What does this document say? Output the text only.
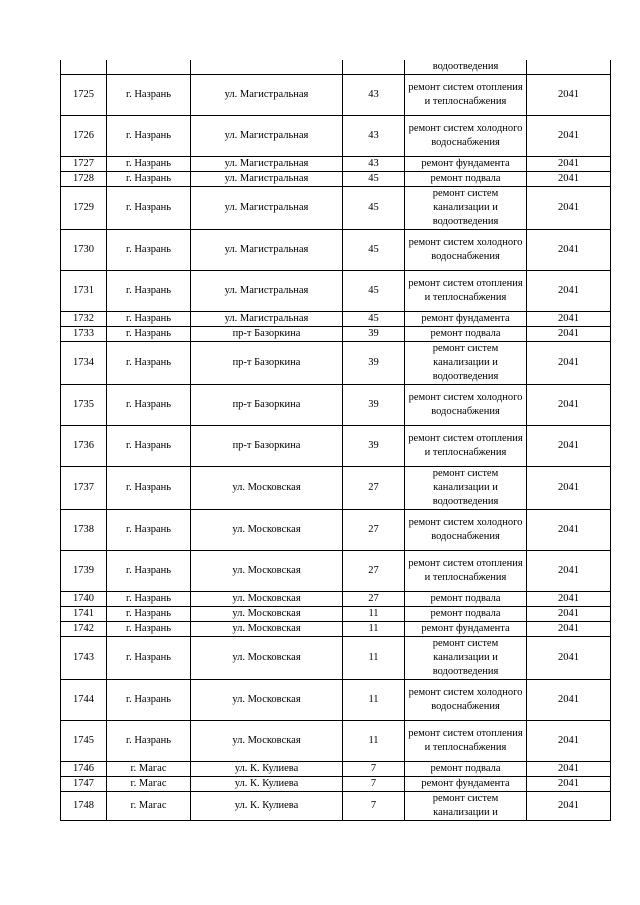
				водоотведения	
1725	г. Назрань	ул. Магистральная	43	ремонт систем отопления и теплоснабжения	2041
1726	г. Назрань	ул. Магистральная	43	ремонт систем холодного водоснабжения	2041
1727	г. Назрань	ул. Магистральная	43	ремонт фундамента	2041
1728	г. Назрань	ул. Магистральная	45	ремонт подвала	2041
1729	г. Назрань	ул. Магистральная	45	ремонт систем канализации и водоотведения	2041
1730	г. Назрань	ул. Магистральная	45	ремонт систем холодного водоснабжения	2041
1731	г. Назрань	ул. Магистральная	45	ремонт систем отопления и теплоснабжения	2041
1732	г. Назрань	ул. Магистральная	45	ремонт фундамента	2041
1733	г. Назрань	пр-т Базоркина	39	ремонт подвала	2041
1734	г. Назрань	пр-т Базоркина	39	ремонт систем канализации и водоотведения	2041
1735	г. Назрань	пр-т Базоркина	39	ремонт систем холодного водоснабжения	2041
1736	г. Назрань	пр-т Базоркина	39	ремонт систем отопления и теплоснабжения	2041
1737	г. Назрань	ул. Московская	27	ремонт систем канализации и водоотведения	2041
1738	г. Назрань	ул. Московская	27	ремонт систем холодного водоснабжения	2041
1739	г. Назрань	ул. Московская	27	ремонт систем отопления и теплоснабжения	2041
1740	г. Назрань	ул. Московская	27	ремонт подвала	2041
1741	г. Назрань	ул. Московская	11	ремонт подвала	2041
1742	г. Назрань	ул. Московская	11	ремонт фундамента	2041
1743	г. Назрань	ул. Московская	11	ремонт систем канализации и водоотведения	2041
1744	г. Назрань	ул. Московская	11	ремонт систем холодного водоснабжения	2041
1745	г. Назрань	ул. Московская	11	ремонт систем отопления и теплоснабжения	2041
1746	г. Магас	ул. К. Кулиева	7	ремонт подвала	2041
1747	г. Магас	ул. К. Кулиева	7	ремонт фундамента	2041
1748	г. Магас	ул. К. Кулиева	7	ремонт систем канализации и	2041
